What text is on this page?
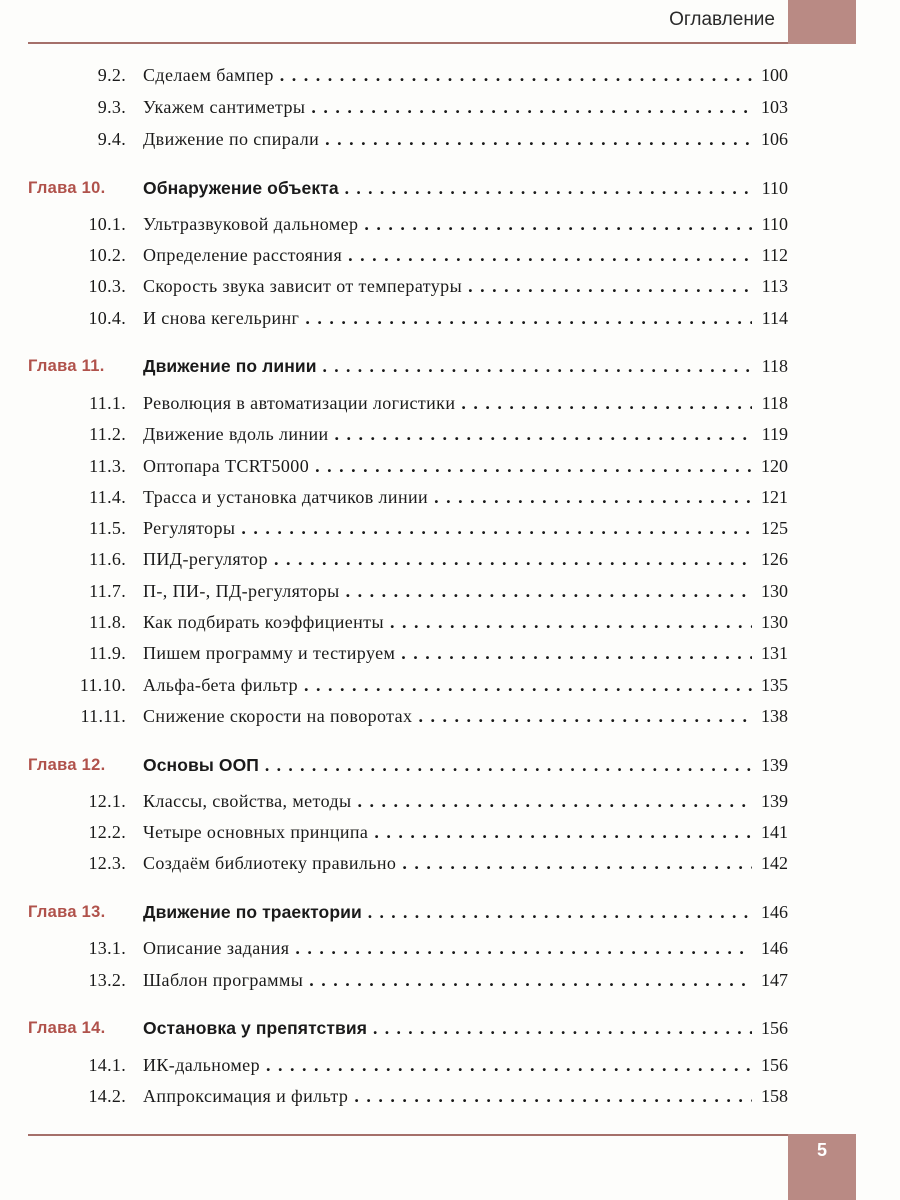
Оглавление
9.2. Сделаем бампер . . .	100
9.3. Укажем сантиметры . . .	103
9.4. Движение по спирали . . .	106
Глава 10. Обнаружение объекта . . .	110
10.1. Ультразвуковой дальномер . . .	110
10.2. Определение расстояния . . .	112
10.3. Скорость звука зависит от температуры . . .	113
10.4. И снова кегельринг . . .	114
Глава 11. Движение по линии . . .	118
11.1. Революция в автоматизации логистики . . .	118
11.2. Движение вдоль линии . . .	119
11.3. Оптопара TCRT5000 . . .	120
11.4. Трасса и установка датчиков линии . . .	121
11.5. Регуляторы . . .	125
11.6. ПИД-регулятор . . .	126
11.7. П-, ПИ-, ПД-регуляторы . . .	130
11.8. Как подбирать коэффициенты . . .	130
11.9. Пишем программу и тестируем . . .	131
11.10. Альфа-бета фильтр . . .	135
11.11. Снижение скорости на поворотах . . .	138
Глава 12. Основы ООП . . .	139
12.1. Классы, свойства, методы . . .	139
12.2. Четыре основных принципа . . .	141
12.3. Создаём библиотеку правильно . . .	142
Глава 13. Движение по траектории . . .	146
13.1. Описание задания . . .	146
13.2. Шаблон программы . . .	147
Глава 14. Остановка у препятствия . . .	156
14.1. ИК-дальномер . . .	156
14.2. Аппроксимация и фильтр . . .	158
5
